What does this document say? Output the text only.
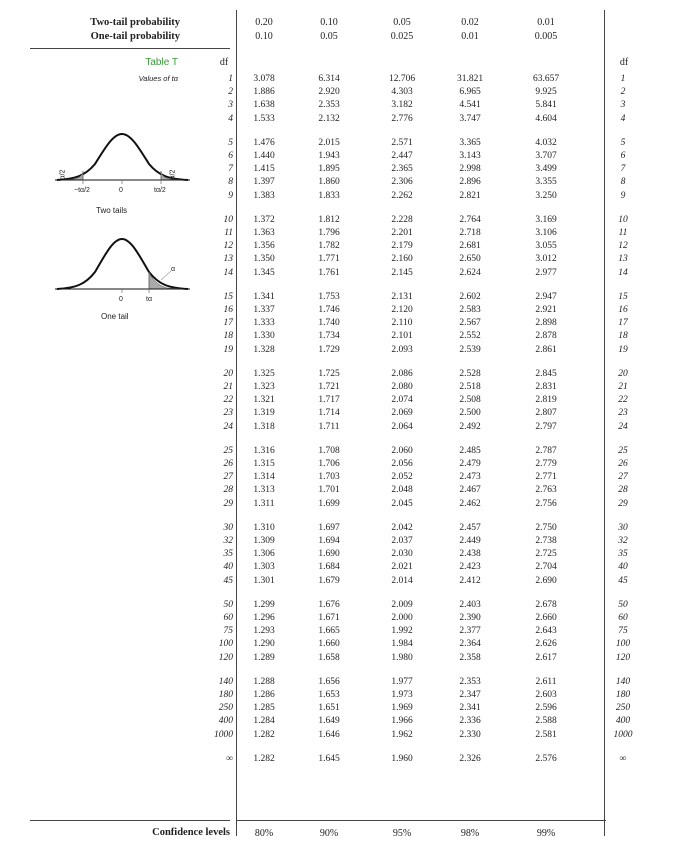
Two-tail probability
One-tail probability
0.20	0.10	0.05	0.02	0.01
0.10	0.05	0.025	0.01	0.005
Table T
Values of tα
df	df
α/2	α/2
−tα/2	0	tα/2
Two tails
α
0	tα
One tail
1	3.078	6.314	12.706	31.821	63.657	1
2	1.886	2.920	4.303	6.965	9.925	2
3	1.638	2.353	3.182	4.541	5.841	3
4	1.533	2.132	2.776	3.747	4.604	4
5	1.476	2.015	2.571	3.365	4.032	5
6	1.440	1.943	2.447	3.143	3.707	6
7	1.415	1.895	2.365	2.998	3.499	7
8	1.397	1.860	2.306	2.896	3.355	8
9	1.383	1.833	2.262	2.821	3.250	9
10	1.372	1.812	2.228	2.764	3.169	10
11	1.363	1.796	2.201	2.718	3.106	11
12	1.356	1.782	2.179	2.681	3.055	12
13	1.350	1.771	2.160	2.650	3.012	13
14	1.345	1.761	2.145	2.624	2.977	14
15	1.341	1.753	2.131	2.602	2.947	15
16	1.337	1.746	2.120	2.583	2.921	16
17	1.333	1.740	2.110	2.567	2.898	17
18	1.330	1.734	2.101	2.552	2.878	18
19	1.328	1.729	2.093	2.539	2.861	19
20	1.325	1.725	2.086	2.528	2.845	20
21	1.323	1.721	2.080	2.518	2.831	21
22	1.321	1.717	2.074	2.508	2.819	22
23	1.319	1.714	2.069	2.500	2.807	23
24	1.318	1.711	2.064	2.492	2.797	24
25	1.316	1.708	2.060	2.485	2.787	25
26	1.315	1.706	2.056	2.479	2.779	26
27	1.314	1.703	2.052	2.473	2.771	27
28	1.313	1.701	2.048	2.467	2.763	28
29	1.311	1.699	2.045	2.462	2.756	29
30	1.310	1.697	2.042	2.457	2.750	30
32	1.309	1.694	2.037	2.449	2.738	32
35	1.306	1.690	2.030	2.438	2.725	35
40	1.303	1.684	2.021	2.423	2.704	40
45	1.301	1.679	2.014	2.412	2.690	45
50	1.299	1.676	2.009	2.403	2.678	50
60	1.296	1.671	2.000	2.390	2.660	60
75	1.293	1.665	1.992	2.377	2.643	75
100	1.290	1.660	1.984	2.364	2.626	100
120	1.289	1.658	1.980	2.358	2.617	120
140	1.288	1.656	1.977	2.353	2.611	140
180	1.286	1.653	1.973	2.347	2.603	180
250	1.285	1.651	1.969	2.341	2.596	250
400	1.284	1.649	1.966	2.336	2.588	400
1000	1.282	1.646	1.962	2.330	2.581	1000
∞	1.282	1.645	1.960	2.326	2.576	∞
Confidence levels	80%	90%	95%	98%	99%
